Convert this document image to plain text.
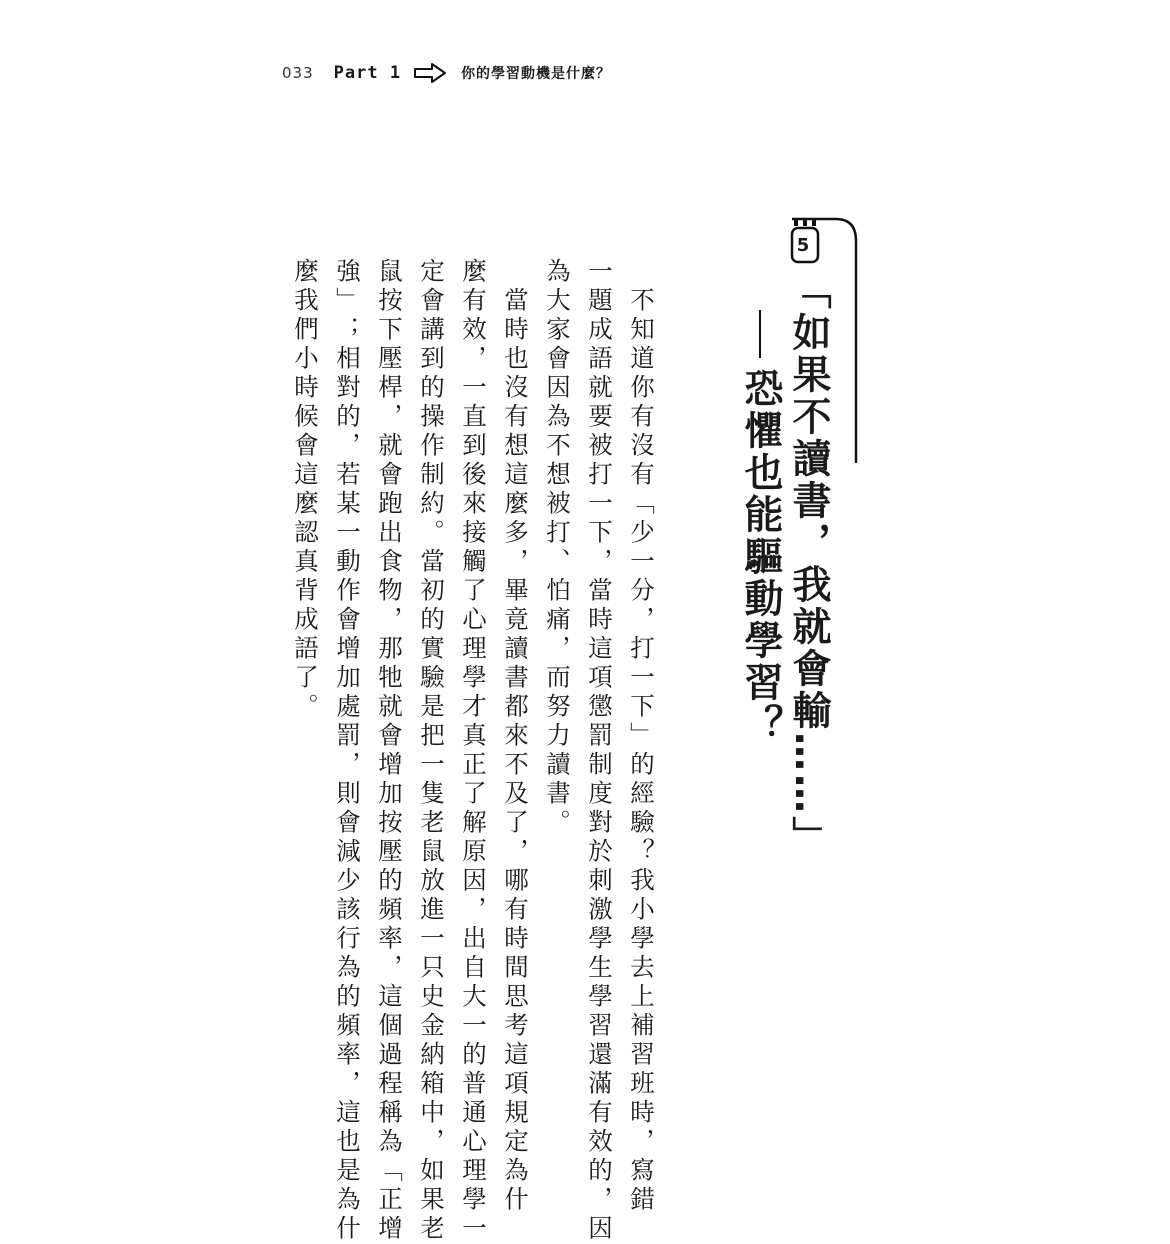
033 Part 1	你的學習動機是什麼？
5
「如果不讀書，我就會輸……」
恐懼也能驅動學習？
　不知道你有沒有「少一分，打一下」的經驗？我小學去上補習班時，寫錯
一題成語就要被打一下，當時這項懲罰制度對於刺激學生學習還滿有效的，因
為大家會因為不想被打、怕痛，而努力讀書。
　當時也沒有想這麼多，畢竟讀書都來不及了，哪有時間思考這項規定為什
麼有效，一直到後來接觸了心理學才真正了解原因，出自大一的普通心理學一
定會講到的操作制約。當初的實驗是把一隻老鼠放進一只史金納箱中，如果老
鼠按下壓桿，就會跑出食物，那牠就會增加按壓的頻率，這個過程稱為「正增
強」；相對的，若某一動作會增加處罰，則會減少該行為的頻率，這也是為什
麼我們小時候會這麼認真背成語了。
